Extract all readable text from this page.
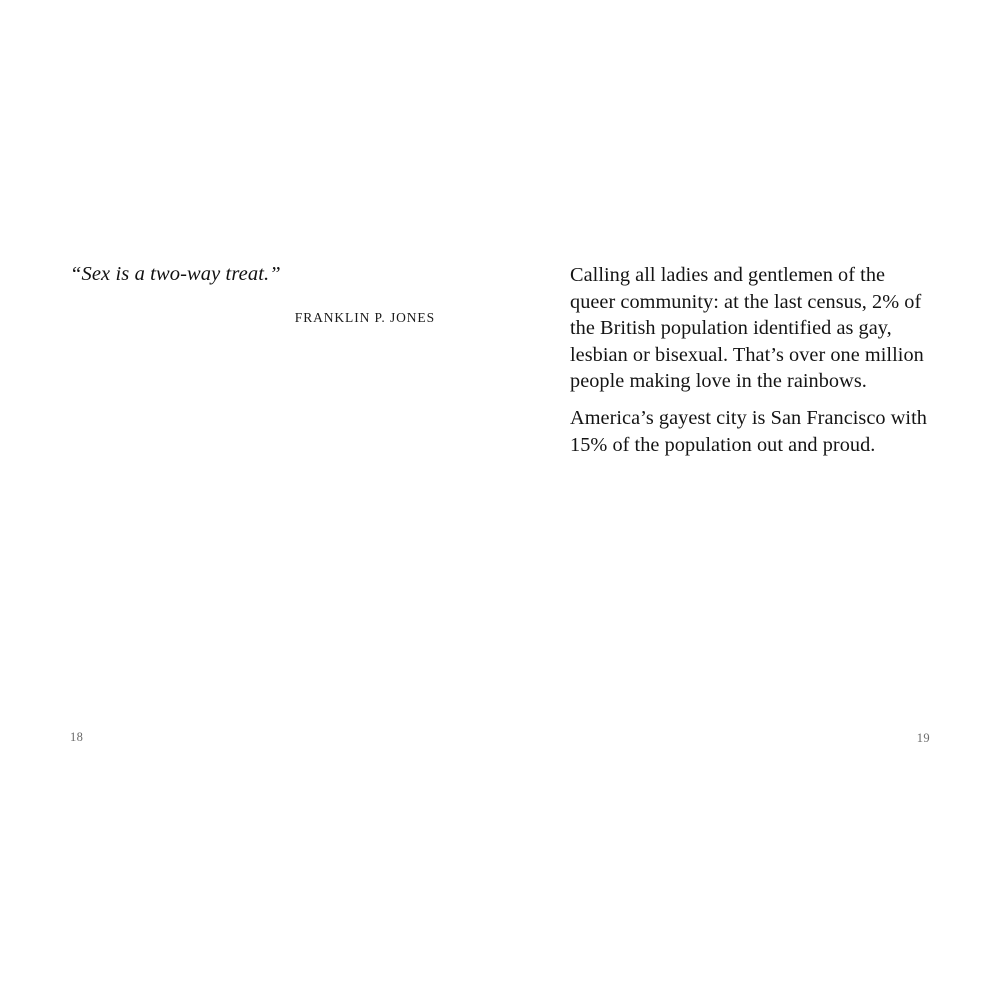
“Sex is a two-way treat.”

FRANKLIN P. JONES

18

Calling all ladies and gentlemen of the queer community: at the last census, 2% of the British population identified as gay, lesbian or bisexual. That’s over one million people making love in the rainbows.

America’s gayest city is San Francisco with 15% of the population out and proud.

19
